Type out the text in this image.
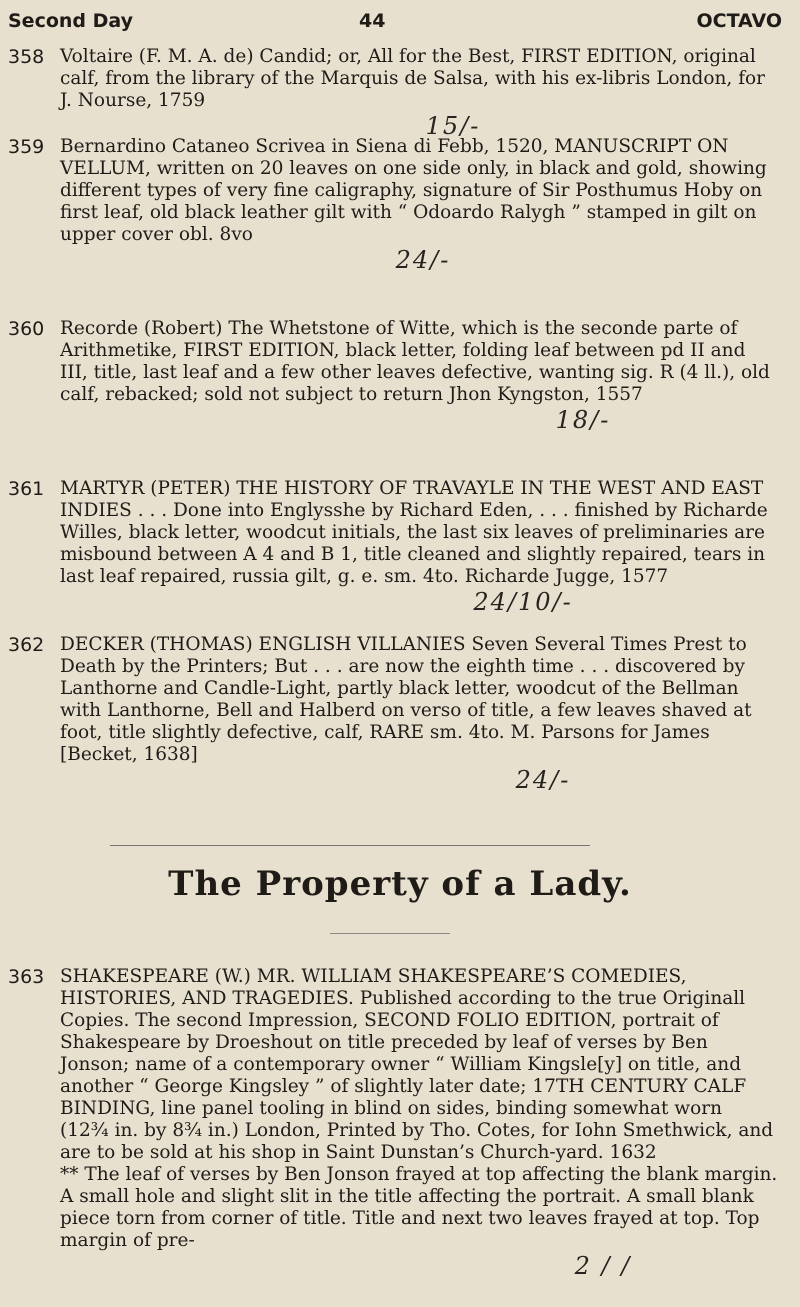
Second Day	44	OCTAVO
358 Voltaire (F. M. A. de) Candid; or, All for the Best, FIRST EDITION, original calf, from the library of the Marquis de Salsa, with his ex-libris London, for J. Nourse, 1759
15/-
359 Bernardino Cataneo Scrivea in Siena di Febb, 1520, MANUSCRIPT ON VELLUM, written on 20 leaves on one side only, in black and gold, showing different types of very fine caligraphy, signature of Sir Posthumus Hoby on first leaf, old black leather gilt with “ Odoardo Ralygh ” stamped in gilt on upper cover obl. 8vo
24/-
360 Recorde (Robert) The Whetstone of Witte, which is the seconde parte of Arithmetike, FIRST EDITION, black letter, folding leaf between pd II and III, title, last leaf and a few other leaves defective, wanting sig. R (4 ll.), old calf, rebacked; sold not subject to return Jhon Kyngston, 1557
18/-
361 MARTYR (PETER) THE HISTORY OF TRAVAYLE IN THE WEST AND EAST INDIES . . . Done into Englysshe by Richard Eden, . . . finished by Richarde Willes, black letter, woodcut initials, the last six leaves of preliminaries are misbound between A 4 and B 1, title cleaned and slightly repaired, tears in last leaf repaired, russia gilt, g. e. sm. 4to. Richarde Jugge, 1577
24/10/-
362 DECKER (THOMAS) ENGLISH VILLANIES Seven Several Times Prest to Death by the Printers; But . . . are now the eighth time . . . discovered by Lanthorne and Candle-Light, partly black letter, woodcut of the Bellman with Lanthorne, Bell and Halberd on verso of title, a few leaves shaved at foot, title slightly defective, calf, RARE sm. 4to. M. Parsons for James [Becket, 1638]
24/-
The Property of a Lady.
363 SHAKESPEARE (W.) MR. WILLIAM SHAKESPEARE’S COMEDIES, HISTORIES, AND TRAGEDIES. Published according to the true Originall Copies. The second Impression, SECOND FOLIO EDITION, portrait of Shakespeare by Droeshout on title preceded by leaf of verses by Ben Jonson; name of a contemporary owner “ William Kingsle[y] on title, and another “ George Kingsley ” of slightly later date; 17TH CENTURY CALF BINDING, line panel tooling in blind on sides, binding somewhat worn
(12¾ in. by 8¾ in.) London, Printed by Tho. Cotes, for Iohn Smethwick, and are to be sold at his shop in Saint Dunstan’s Church-yard. 1632
** The leaf of verses by Ben Jonson frayed at top affecting the blank margin. A small hole and slight slit in the title affecting the portrait. A small blank piece torn from corner of title. Title and next two leaves frayed at top. Top margin of pre-
2 / /
